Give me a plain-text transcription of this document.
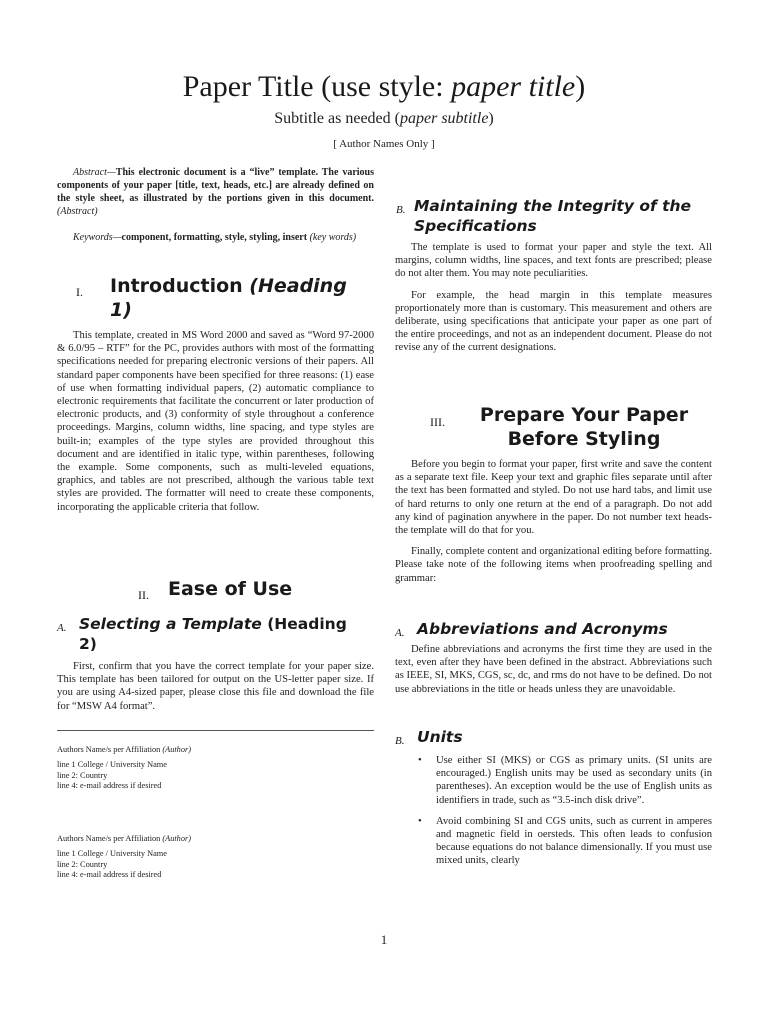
Paper Title (use style: paper title)
Subtitle as needed (paper subtitle)
[ Author Names Only ]
Abstract—This electronic document is a “live” template. The various components of your paper [title, text, heads, etc.] are already defined on the style sheet, as illustrated by the portions given in this document. (Abstract)
Keywords—component, formatting, style, styling, insert (key words)
I. Introduction (Heading 1)

This template, created in MS Word 2000 and saved as “Word 97-2000 & 6.0/95 – RTF” for the PC, provides authors with most of the formatting specifications needed for preparing electronic versions of their papers. All standard paper components have been specified for three reasons: (1) ease of use when formatting individual papers, (2) automatic compliance to electronic requirements that facilitate the concurrent or later production of electronic products, and (3) conformity of style throughout a conference proceedings. Margins, column widths, line spacing, and type styles are built-in; examples of the type styles are provided throughout this document and are identified in italic type, within parentheses, following the example. Some components, such as multi-leveled equations, graphics, and tables are not prescribed, although the various table text styles are provided. The formatter will need to create these components, incorporating the applicable criteria that follow.

II. Ease of Use
A. Selecting a Template (Heading 2)

First, confirm that you have the correct template for your paper size. This template has been tailored for output on the US-letter paper size. If you are using A4-sized paper, please close this file and download the file for “MSW A4 format”.

Authors Name/s per Affiliation (Author)
line 1 College / University Name
line 2: Country
line 4: e-mail address if desired
Authors Name/s per Affiliation (Author)
line 1 College / University Name
line 2: Country
line 4: e-mail address if desired
B. Maintaining the Integrity of the Specifications

The template is used to format your paper and style the text. All margins, column widths, line spaces, and text fonts are prescribed; please do not alter them. You may note peculiarities.

For example, the head margin in this template measures proportionately more than is customary. This measurement and others are deliberate, using specifications that anticipate your paper as one part of the entire proceedings, and not as an independent document. Please do not revise any of the current designations.

III. Prepare Your Paper Before Styling

Before you begin to format your paper, first write and save the content as a separate text file. Keep your text and graphic files separate until after the text has been formatted and styled. Do not use hard tabs, and limit use of hard returns to only one return at the end of a paragraph. Do not add any kind of pagination anywhere in the paper. Do not number text heads-the template will do that for you.

Finally, complete content and organizational editing before formatting. Please take note of the following items when proofreading spelling and grammar:

A. Abbreviations and Acronyms

Define abbreviations and acronyms the first time they are used in the text, even after they have been defined in the abstract. Abbreviations such as IEEE, SI, MKS, CGS, sc, dc, and rms do not have to be defined. Do not use abbreviations in the title or heads unless they are unavoidable.

B. Units
• Use either SI (MKS) or CGS as primary units. (SI units are encouraged.) English units may be used as secondary units (in parentheses). An exception would be the use of English units as identifiers in trade, such as “3.5-inch disk drive”.
• Avoid combining SI and CGS units, such as current in amperes and magnetic field in oersteds. This often leads to confusion because equations do not balance dimensionally. If you must use mixed units, clearly
1
